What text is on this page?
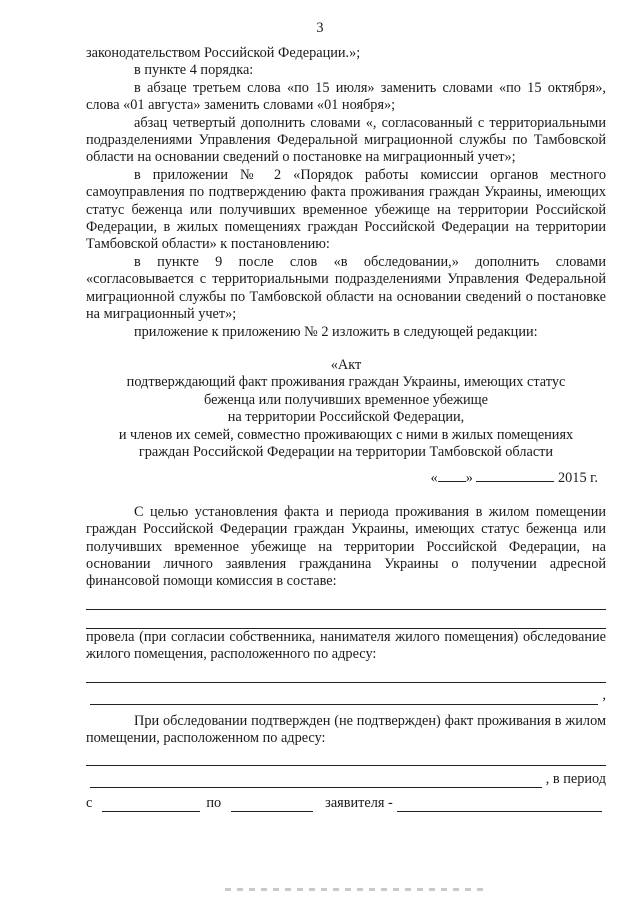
3

законодательством Российской Федерации.»;

в пункте 4 порядка:

в абзаце третьем слова «по 15 июля» заменить словами «по 15 октября», слова «01 августа» заменить словами «01 ноября»;

абзац четвертый дополнить словами «, согласованный с территориальными подразделениями Управления Федеральной миграционной службы по Тамбовской области на основании сведений о постановке на миграционный учет»;

в приложении № 2 «Порядок работы комиссии органов местного самоуправления по подтверждению факта проживания граждан Украины, имеющих статус беженца или получивших временное убежище на территории Российской Федерации, в жилых помещениях граждан Российской Федерации на территории Тамбовской области» к постановлению:

в пункте 9 после слов «в обследовании,» дополнить словами «согласовывается с территориальными подразделениями Управления Федеральной миграционной службы по Тамбовской области на основании сведений о постановке на миграционный учет»;

приложение к приложению № 2 изложить в следующей редакции:

«Акт

подтверждающий факт проживания граждан Украины, имеющих статус

беженца или получивших временное убежище

на территории Российской Федерации,

и членов их семей, совместно проживающих с ними в жилых помещениях

граждан Российской Федерации на территории Тамбовской области

« »	2015 г.

С целью установления факта и периода проживания в жилом помещении граждан Российской Федерации граждан Украины, имеющих статус беженца или получивших временное убежище на территории Российской Федерации, на основании личного заявления гражданина Украины о получении адресной финансовой помощи комиссия в составе:

провела (при согласии собственника, нанимателя жилого помещения) обследование жилого помещения, расположенного по адресу:

,

При обследовании подтвержден (не подтвержден) факт проживания в жилом помещении, расположенном по адресу:

, в период
с	по	заявителя -
